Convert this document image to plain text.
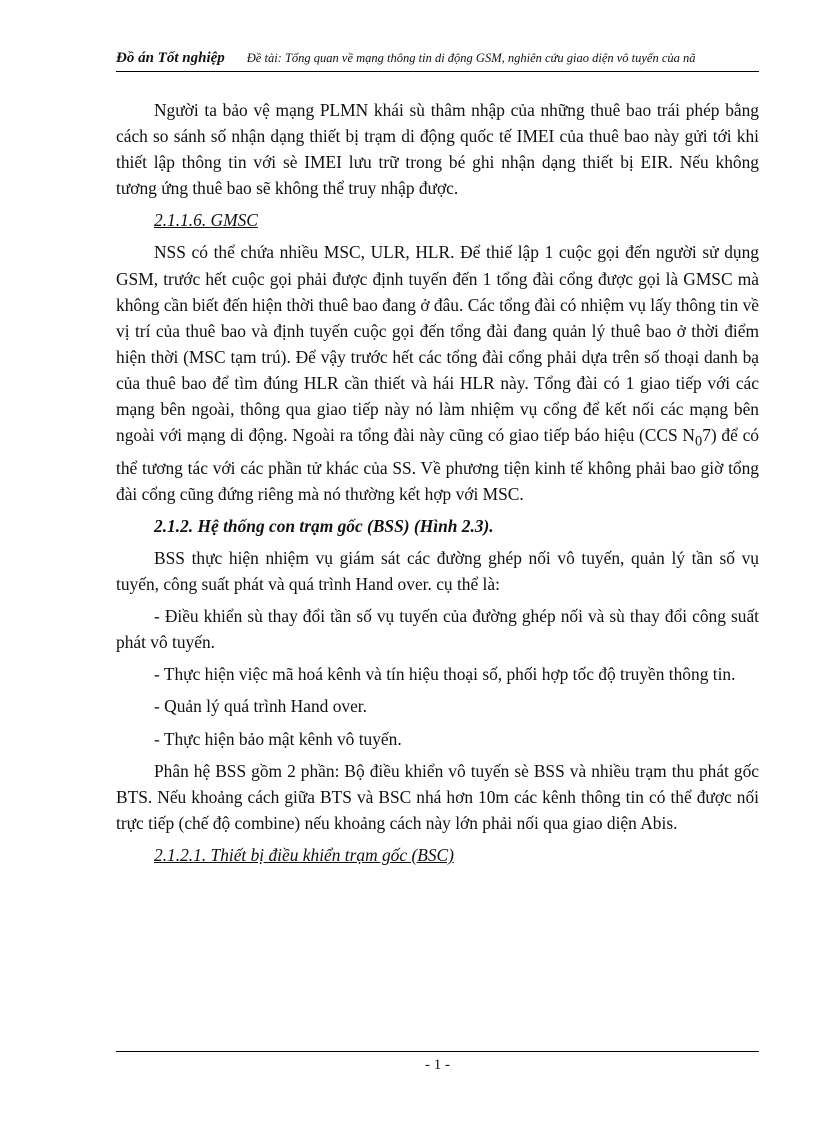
Đồ án Tốt nghiệp Đề tài: Tổng quan về mạng thông tin di động GSM, nghiên cứu giao diện vô tuyến của nã

Người ta bảo vệ mạng PLMN khái sù thâm nhập của những thuê bao trái phép bằng cách so sánh số nhận dạng thiết bị trạm di động quốc tế IMEI của thuê bao này gửi tới khi thiết lập thông tin với sè IMEI lưu trữ trong bé ghi nhận dạng thiết bị EIR. Nếu không tương ứng thuê bao sẽ không thể truy nhập được.

2.1.1.6. GMSC

NSS có thể chứa nhiều MSC, ULR, HLR. Để thiế lập 1 cuộc gọi đến người sử dụng GSM, trước hết cuộc gọi phải được định tuyến đến 1 tổng đài cổng được gọi là GMSC mà không cần biết đến hiện thời thuê bao đang ở đâu. Các tổng đài có nhiệm vụ lấy thông tin về vị trí của thuê bao và định tuyến cuộc gọi đến tổng đài đang quản lý thuê bao ở thời điểm hiện thời (MSC tạm trú). Để vậy trước hết các tổng đài cổng phải dựa trên số thoại danh bạ của thuê bao để tìm đúng HLR cần thiết và hái HLR này. Tổng đài có 1 giao tiếp với các mạng bên ngoài, thông qua giao tiếp này nó làm nhiệm vụ cổng để kết nối các mạng bên ngoài với mạng di động. Ngoài ra tổng đài này cũng có giao tiếp báo hiệu (CCS $N_07$) để có thể tương tác với các phần tử khác của SS. Về phương tiện kinh tế không phải bao giờ tổng đài cổng cũng đứng riêng mà nó thường kết hợp với MSC.

2.1.2. Hệ thống con trạm gốc (BSS) (Hình 2.3).

BSS thực hiện nhiệm vụ giám sát các đường ghép nối vô tuyến, quản lý tần số vụ tuyến, công suất phát và quá trình Hand over. cụ thể là:

- Điều khiển sù thay đổi tần số vụ tuyến của đường ghép nối và sù thay đổi công suất phát vô tuyến.

- Thực hiện việc mã hoá kênh và tín hiệu thoại số, phối hợp tốc độ truyền thông tin.

- Quản lý quá trình Hand over.

- Thực hiện bảo mật kênh vô tuyến.

Phân hệ BSS gồm 2 phần: Bộ điều khiển vô tuyến sè BSS và nhiều trạm thu phát gốc BTS. Nếu khoảng cách giữa BTS và BSC nhá hơn 10m các kênh thông tin có thể được nối trực tiếp (chế độ combine) nếu khoảng cách này lớn phải nối qua giao diện Abis.

2.1.2.1. Thiết bị điều khiển trạm gốc (BSC)
- 1 -
